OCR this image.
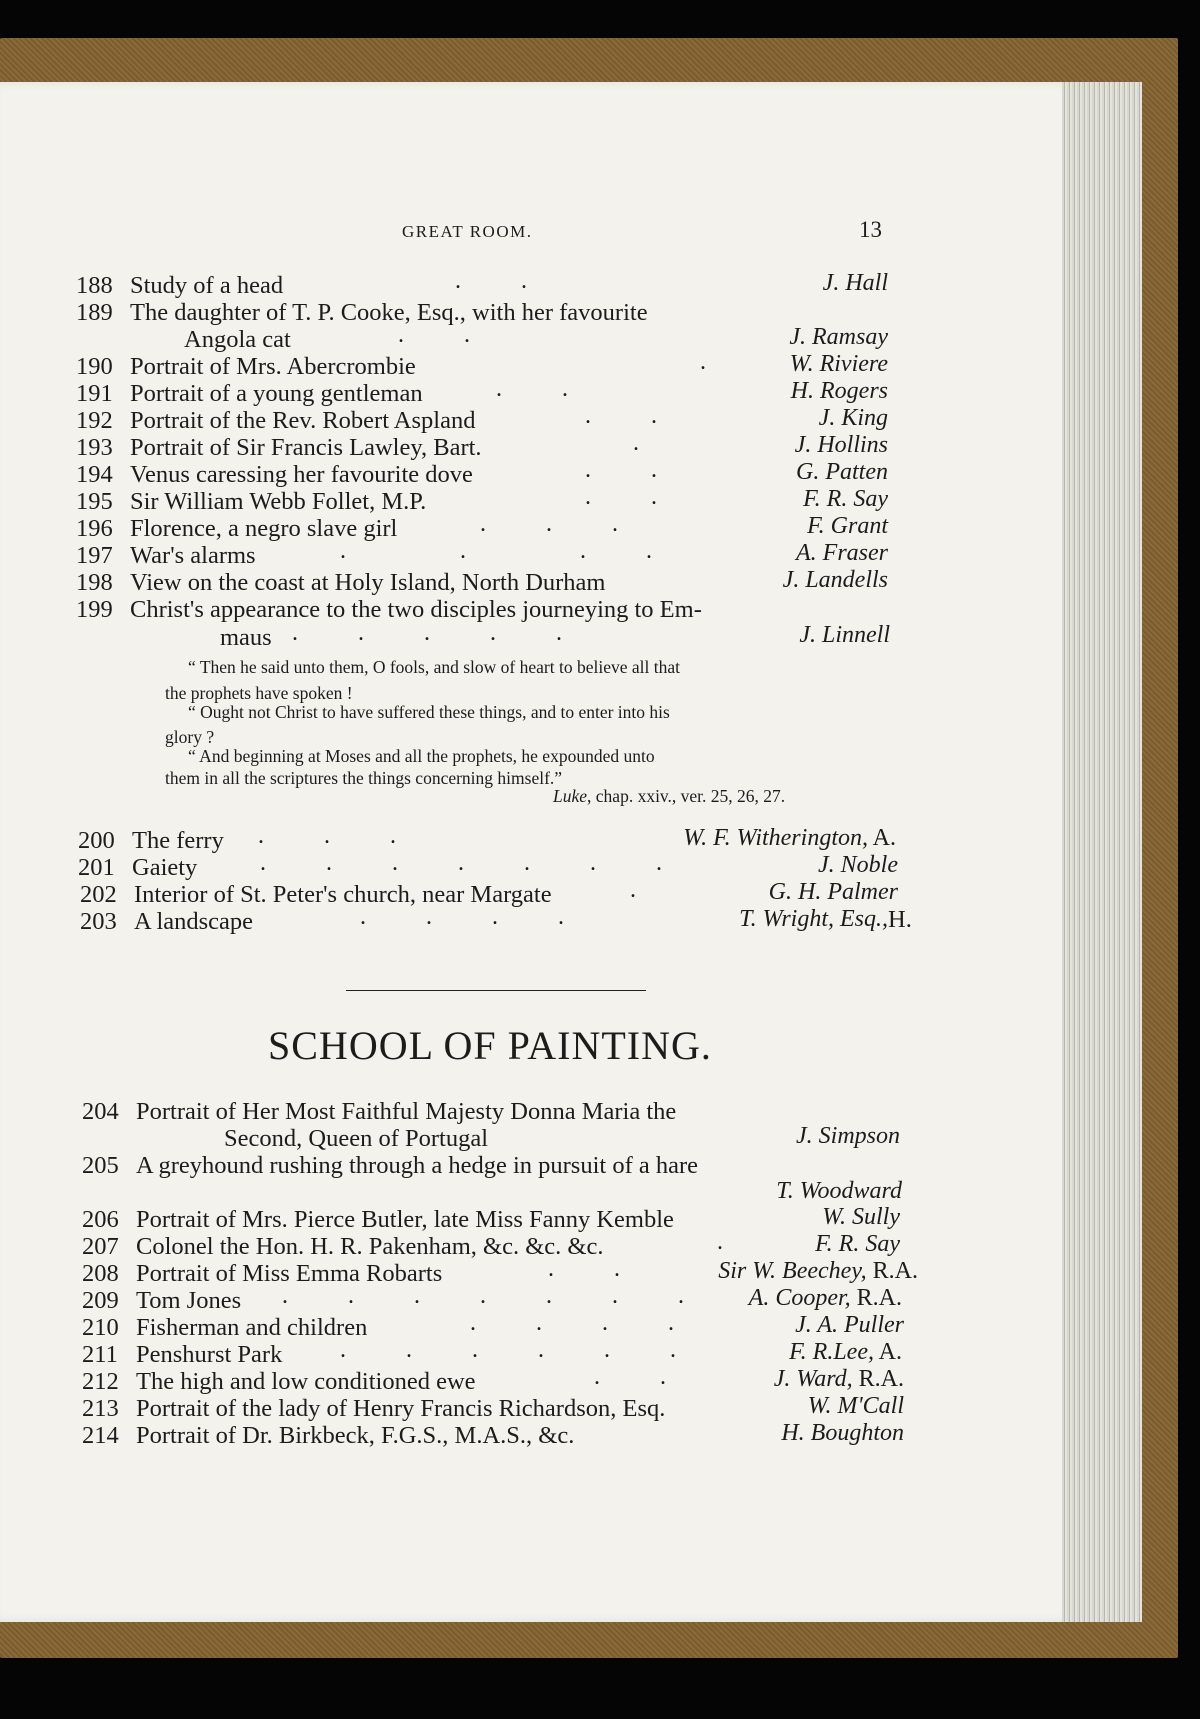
GREAT ROOM.	13
188 Study of a head	.          .	J. Hall
189 The daughter of T. P. Cooke, Esq., with her favourite
Angola cat	.          .	J. Ramsay
190 Portrait of Mrs. Abercrombie	.	W. Riviere
191 Portrait of a young gentleman	.          .	H. Rogers
192 Portrait of the Rev. Robert Aspland	.          .	J. King
193 Portrait of Sir Francis Lawley, Bart.	.	J. Hollins
194 Venus caressing her favourite dove	.          .	G. Patten
195 Sir William Webb Follet, M.P.	.          .	F. R. Say
196 Florence, a negro slave girl	.          .          .	F. Grant
197 War's alarms	.                   .                   .          .	A. Fraser
198 View on the coast at Holy Island, North Durham	J. Landells
199 Christ's appearance to the two disciples journeying to Em-
maus .          .          .          .          .	J. Linnell
“ Then he said unto them, O fools, and slow of heart to believe all that
the prophets have spoken !
“ Ought not Christ to have suffered these things, and to enter into his
glory ?
“ And beginning at Moses and all the prophets, he expounded unto
them in all the scriptures the things concerning himself.”
Luke, chap. xxiv., ver. 25, 26, 27.
200 The ferry .          .          .	W. F. Witherington, A.
201 Gaiety	.          .          .          .          .          .          .	J. Noble
202 Interior of St. Peter's church, near Margate	.	G. H. Palmer
203 A landscape	.          .          .          .	T. Wright, Esq., H.
SCHOOL OF PAINTING.
204 Portrait of Her Most Faithful Majesty Donna Maria the
Second, Queen of Portugal	J. Simpson
205 A greyhound rushing through a hedge in pursuit of a hare
T. Woodward
206 Portrait of Mrs. Pierce Butler, late Miss Fanny Kemble	W. Sully
207 Colonel the Hon. H. R. Pakenham, &c. &c. &c.	.	F. R. Say
208 Portrait of Miss Emma Robarts	.          .	Sir W. Beechey, R.A.
209 Tom Jones .          .          .          .          .          .          .	A. Cooper, R.A.
210 Fisherman and children	.          .          .          .	J. A. Puller
211 Penshurst Park .          .          .          .          .          .	F. R.Lee, A.
212 The high and low conditioned ewe	.          .	J. Ward, R.A.
213 Portrait of the lady of Henry Francis Richardson, Esq.	W. M'Call
214 Portrait of Dr. Birkbeck, F.G.S., M.A.S., &c.	H. Boughton
